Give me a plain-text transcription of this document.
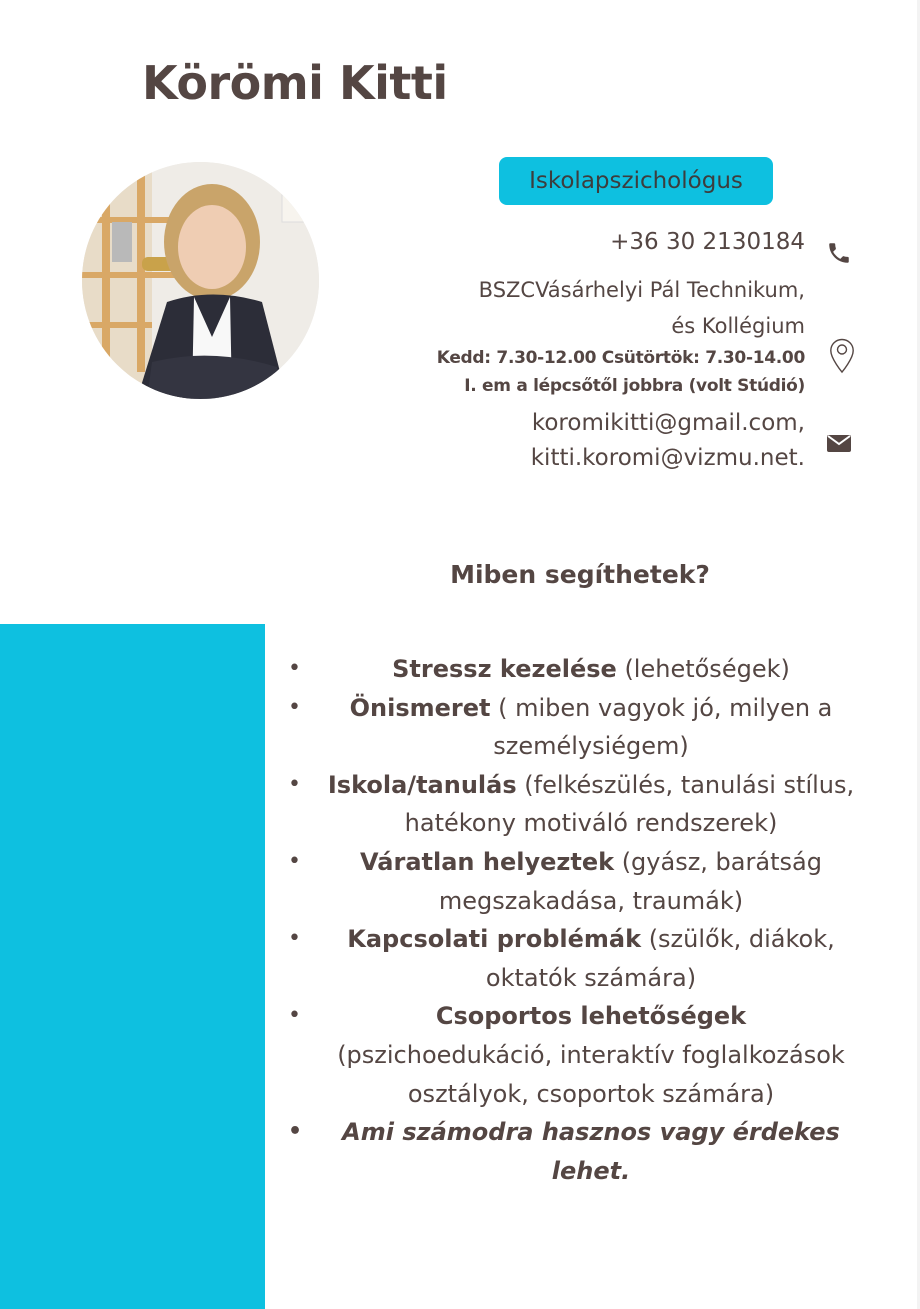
Körömi Kitti
Iskolapszichológus
+36 30 2130184
BSZCVásárhelyi Pál Technikum,
és Kollégium
Kedd: 7.30-12.00 Csütörtök: 7.30-14.00
I. em a lépcsőtől jobbra (volt Stúdió)
koromikitti@gmail.com,
kitti.koromi@vizmu.net.
Miben segíthetek?
•	Stressz kezelése (lehetőségek)
• Önismeret ( miben vagyok jó, milyen a személysiégem)
• Iskola/tanulás (felkészülés, tanulási stílus, hatékony motiváló rendszerek)
• Váratlan helyeztek (gyász, barátság megszakadása, traumák)
• Kapcsolati problémák (szülők, diákok, oktatók számára)
•	Csoportos lehetőségek
(pszichoedukáció, interaktív foglalkozások osztályok, csoportok számára)
• Ami számodra hasznos vagy érdekes lehet.
